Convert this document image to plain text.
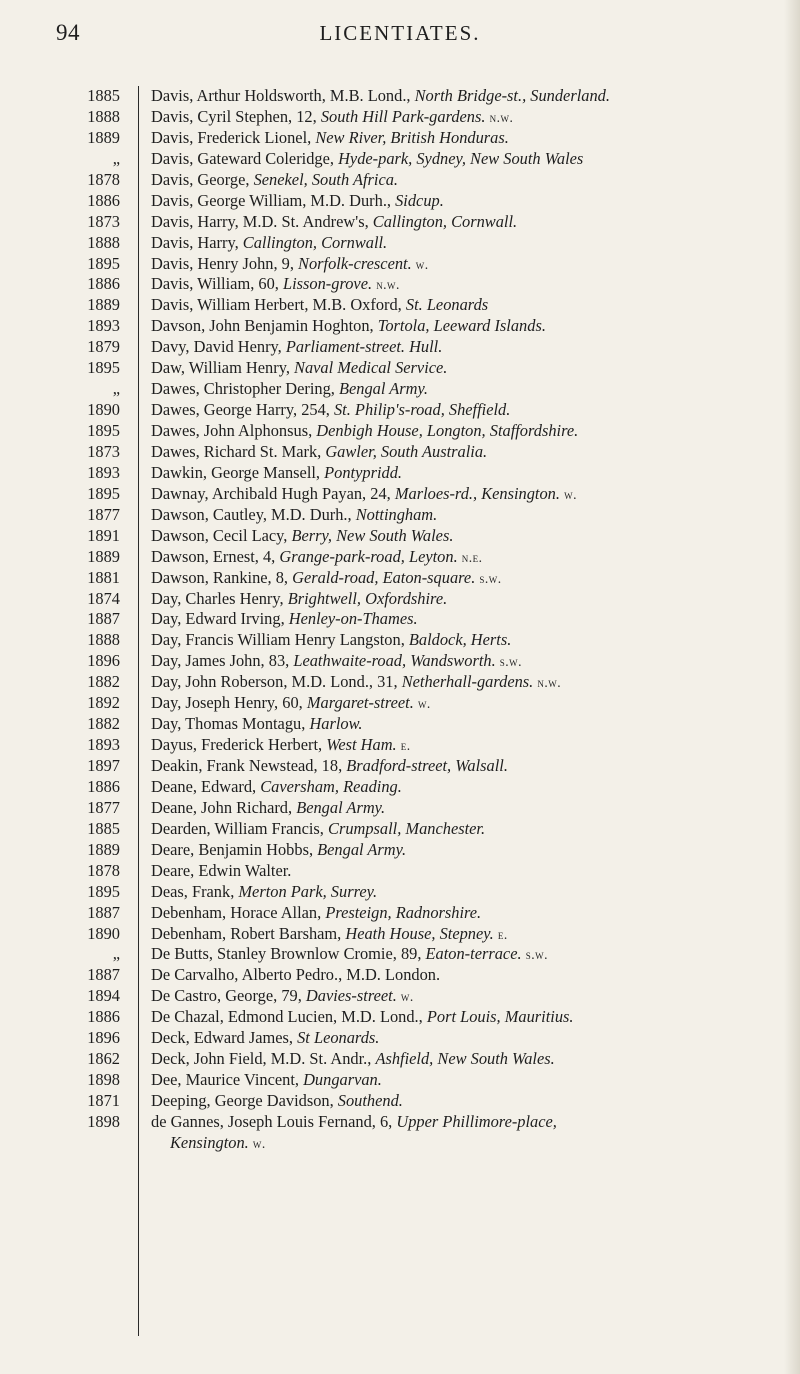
94	LICENTIATES.
1885 Davis, Arthur Holdsworth, M.B. Lond., North Bridge-st., Sunderland.
1888 Davis, Cyril Stephen, 12, South Hill Park-gardens. n.w.
1889 Davis, Frederick Lionel, New River, British Honduras.
„ Davis, Gateward Coleridge, Hyde-park, Sydney, New South Wales
1878 Davis, George, Senekel, South Africa.
1886 Davis, George William, M.D. Durh., Sidcup.
1873 Davis, Harry, M.D. St. Andrew's, Callington, Cornwall.
1888 Davis, Harry, Callington, Cornwall.
1895 Davis, Henry John, 9, Norfolk-crescent. w.
1886 Davis, William, 60, Lisson-grove. n.w.
1889 Davis, William Herbert, M.B. Oxford, St. Leonards
1893 Davson, John Benjamin Hoghton, Tortola, Leeward Islands.
1879 Davy, David Henry, Parliament-street. Hull.
1895 Daw, William Henry, Naval Medical Service.
„ Dawes, Christopher Dering, Bengal Army.
1890 Dawes, George Harry, 254, St. Philip's-road, Sheffield.
1895 Dawes, John Alphonsus, Denbigh House, Longton, Staffordshire.
1873 Dawes, Richard St. Mark, Gawler, South Australia.
1893 Dawkin, George Mansell, Pontypridd.
1895 Dawnay, Archibald Hugh Payan, 24, Marloes-rd., Kensington. w.
1877 Dawson, Cautley, M.D. Durh., Nottingham.
1891 Dawson, Cecil Lacy, Berry, New South Wales.
1889 Dawson, Ernest, 4, Grange-park-road, Leyton. n.e.
1881 Dawson, Rankine, 8, Gerald-road, Eaton-square. s.w.
1874 Day, Charles Henry, Brightwell, Oxfordshire.
1887 Day, Edward Irving, Henley-on-Thames.
1888 Day, Francis William Henry Langston, Baldock, Herts.
1896 Day, James John, 83, Leathwaite-road, Wandsworth. s.w.
1882 Day, John Roberson, M.D. Lond., 31, Netherhall-gardens. n.w.
1892 Day, Joseph Henry, 60, Margaret-street. w.
1882 Day, Thomas Montagu, Harlow.
1893 Dayus, Frederick Herbert, West Ham. e.
1897 Deakin, Frank Newstead, 18, Bradford-street, Walsall.
1886 Deane, Edward, Caversham, Reading.
1877 Deane, John Richard, Bengal Army.
1885 Dearden, William Francis, Crumpsall, Manchester.
1889 Deare, Benjamin Hobbs, Bengal Army.
1878 Deare, Edwin Walter.
1895 Deas, Frank, Merton Park, Surrey.
1887 Debenham, Horace Allan, Presteign, Radnorshire.
1890 Debenham, Robert Barsham, Heath House, Stepney. e.
„ De Butts, Stanley Brownlow Cromie, 89, Eaton-terrace. s.w.
1887 De Carvalho, Alberto Pedro., M.D. London.
1894 De Castro, George, 79, Davies-street. w.
1886 De Chazal, Edmond Lucien, M.D. Lond., Port Louis, Mauritius.
1896 Deck, Edward James, St Leonards.
1862 Deck, John Field, M.D. St. Andr., Ashfield, New South Wales.
1898 Dee, Maurice Vincent, Dungarvan.
1871 Deeping, George Davidson, Southend.
1898 de Gannes, Joseph Louis Fernand, 6, Upper Phillimore-place,
Kensington. w.
